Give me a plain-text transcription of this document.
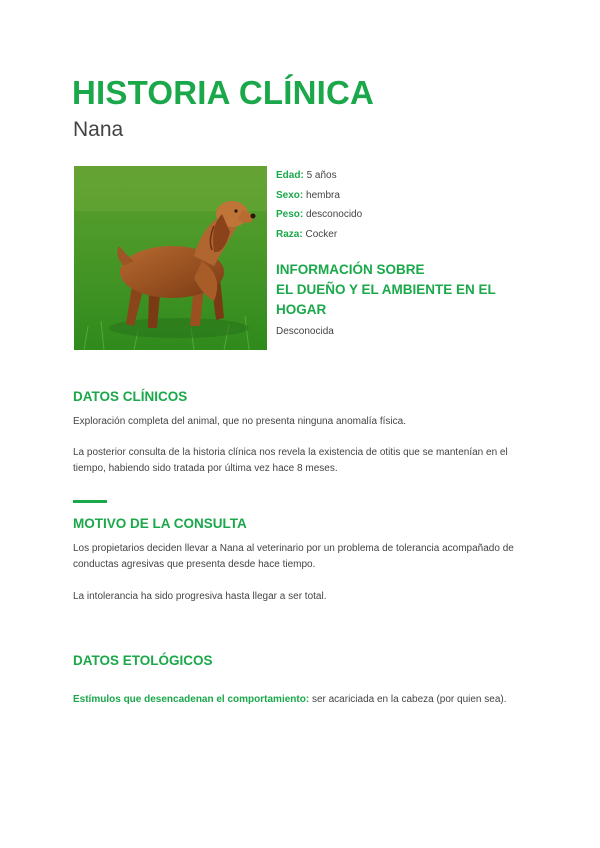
HISTORIA CLÍNICA
Nana
Edad: 5 años
Sexo: hembra
Peso: desconocido
Raza: Cocker
INFORMACIÓN SOBRE
EL DUEÑO Y EL AMBIENTE EN EL
HOGAR
Desconocida
DATOS CLÍNICOS
Exploración completa del animal, que no presenta ninguna anomalía física.
La posterior consulta de la historia clínica nos revela la existencia de otitis que se mantenían en el tiempo, habiendo sido tratada por última vez hace 8 meses.
MOTIVO DE LA CONSULTA
Los propietarios deciden llevar a Nana al veterinario por un problema de tolerancia acompañado de conductas agresivas que presenta desde hace tiempo.
La intolerancia ha sido progresiva hasta llegar a ser total.
DATOS ETOLÓGICOS
Estímulos que desencadenan el comportamiento: ser acariciada en la cabeza (por quien sea).
